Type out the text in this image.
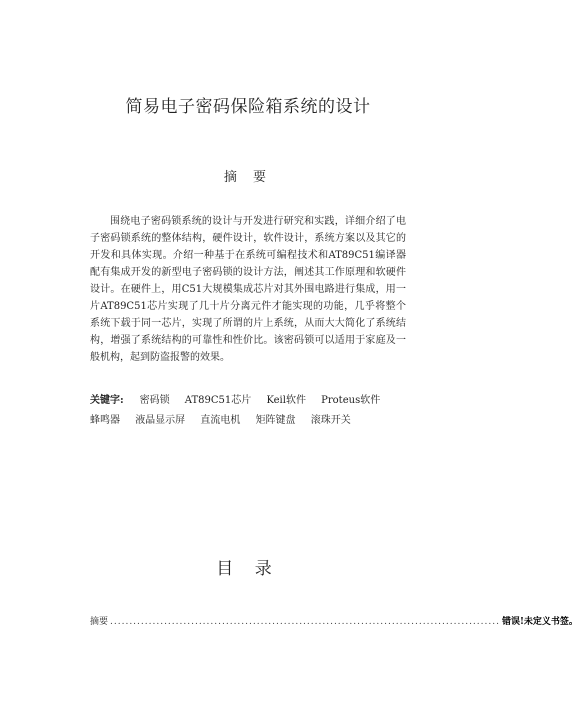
简易电子密码保险箱系统的设计
摘 要

围绕电子密码锁系统的设计与开发进行研究和实践，详细介绍了电子密码锁系统的整体结构，硬件设计，软件设计，系统方案以及其它的开发和具体实现。介绍一种基于在系统可编程技术和AT89C51编译器配有集成开发的新型电子密码锁的设计方法，阐述其工作原理和软硬件设计。在硬件上，用C51大规模集成芯片对其外围电路进行集成，用一片AT89C51芯片实现了几十片分离元件才能实现的功能，几乎将整个系统下载于同一芯片，实现了所谓的片上系统，从而大大简化了系统结构，增强了系统结构的可靠性和性价比。该密码锁可以适用于家庭及一般机构，起到防盗报警的效果。

关键字: 密码锁 AT89C51芯片 Keil软件 Proteus软件 蜂鸣器 液晶显示屏 直流电机 矩阵键盘 滚珠开关

目 录
摘要 ..................................................................................................... 错误!未定义书签。
